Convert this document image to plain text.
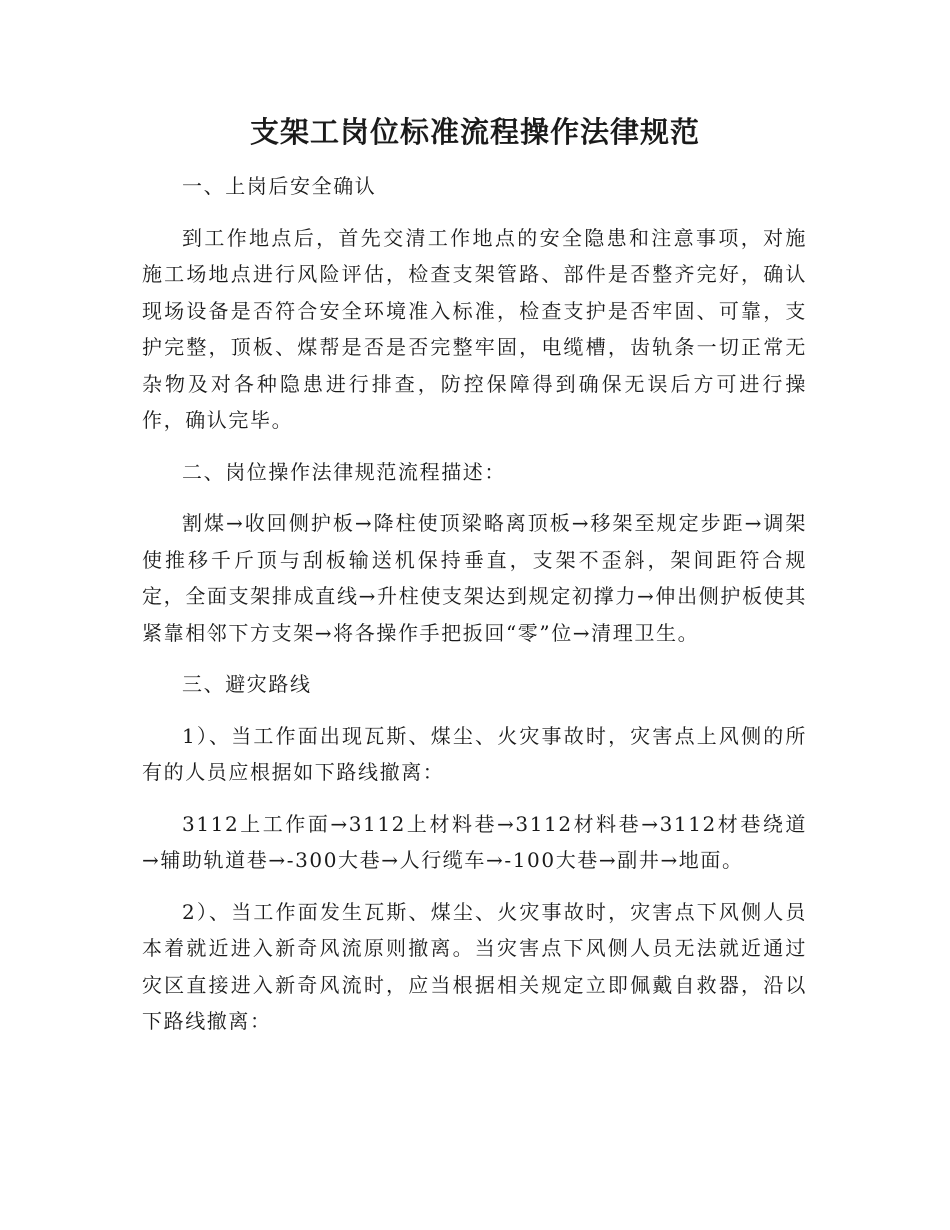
支架工岗位标准流程操作法律规范

一、上岗后安全确认

到工作地点后，首先交清工作地点的安全隐患和注意事项，对施施工场地点进行风险评估，检查支架管路、部件是否整齐完好，确认现场设备是否符合安全环境准入标准，检查支护是否牢固、可靠，支护完整，顶板、煤帮是否是否完整牢固，电缆槽，齿轨条一切正常无杂物及对各种隐患进行排查，防控保障得到确保无误后方可进行操作，确认完毕。

二、岗位操作法律规范流程描述：

割煤→收回侧护板→降柱使顶梁略离顶板→移架至规定步距→调架使推移千斤顶与刮板输送机保持垂直，支架不歪斜，架间距符合规定，全面支架排成直线→升柱使支架达到规定初撑力→伸出侧护板使其紧靠相邻下方支架→将各操作手把扳回“零”位→清理卫生。

三、避灾路线

1）、当工作面出现瓦斯、煤尘、火灾事故时，灾害点上风侧的所有的人员应根据如下路线撤离：

3112上工作面→3112上材料巷→3112材料巷→3112材巷绕道→辅助轨道巷→-300大巷→人行缆车→-100大巷→副井→地面。

2）、当工作面发生瓦斯、煤尘、火灾事故时，灾害点下风侧人员本着就近进入新奇风流原则撤离。当灾害点下风侧人员无法就近通过灾区直接进入新奇风流时，应当根据相关规定立即佩戴自救器，沿以下路线撤离：
